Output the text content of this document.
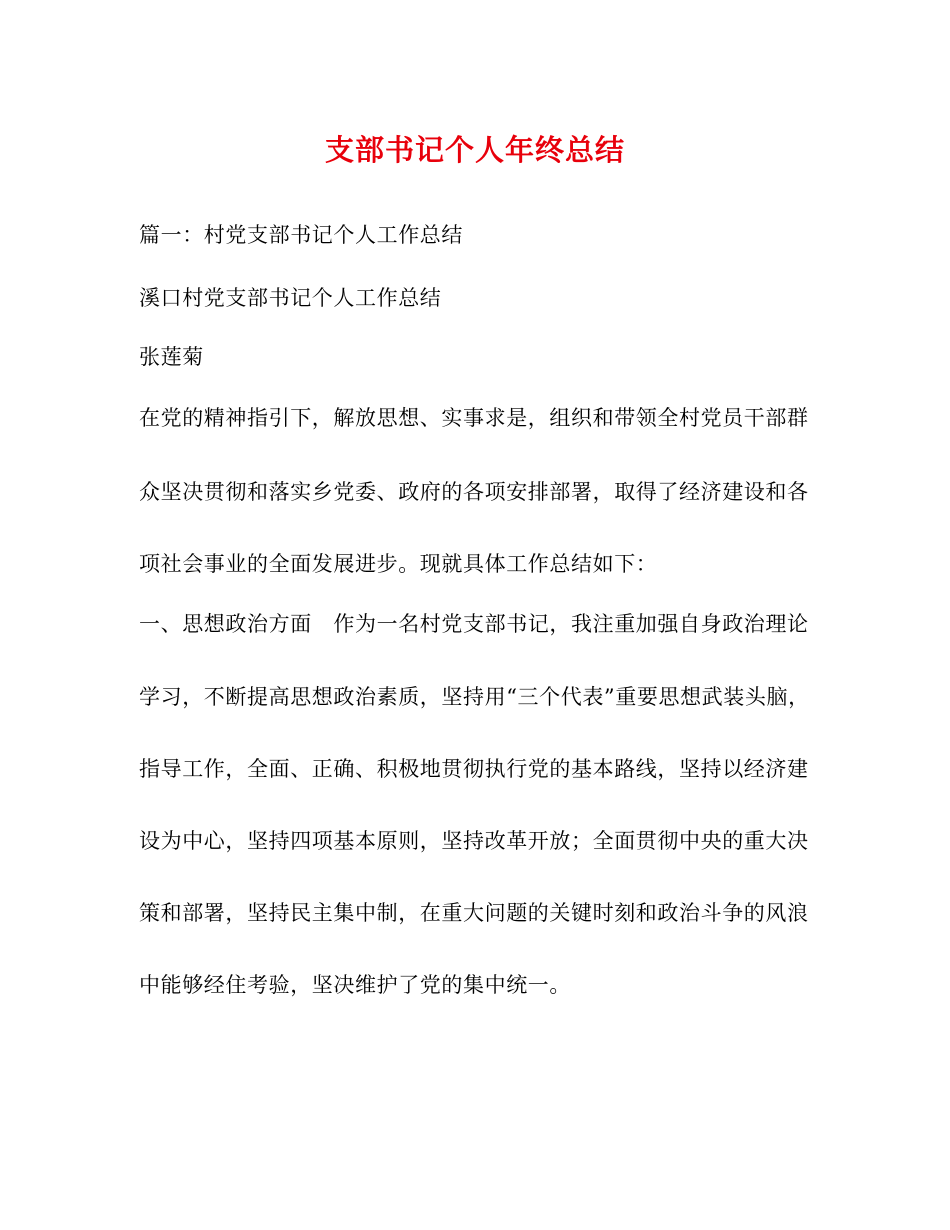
支部书记个人年终总结
篇一：村党支部书记个人工作总结
溪口村党支部书记个人工作总结
张莲菊
在党的精神指引下，解放思想、实事求是，组织和带领全村党员干部群
众坚决贯彻和落实乡党委、政府的各项安排部署，取得了经济建设和各
项社会事业的全面发展进步。现就具体工作总结如下：
一、思想政治方面　作为一名村党支部书记，我注重加强自身政治理论
学习，不断提高思想政治素质，坚持用“三个代表”重要思想武装头脑，
指导工作，全面、正确、积极地贯彻执行党的基本路线，坚持以经济建
设为中心，坚持四项基本原则，坚持改革开放；全面贯彻中央的重大决
策和部署，坚持民主集中制，在重大问题的关键时刻和政治斗争的风浪
中能够经住考验，坚决维护了党的集中统一。
